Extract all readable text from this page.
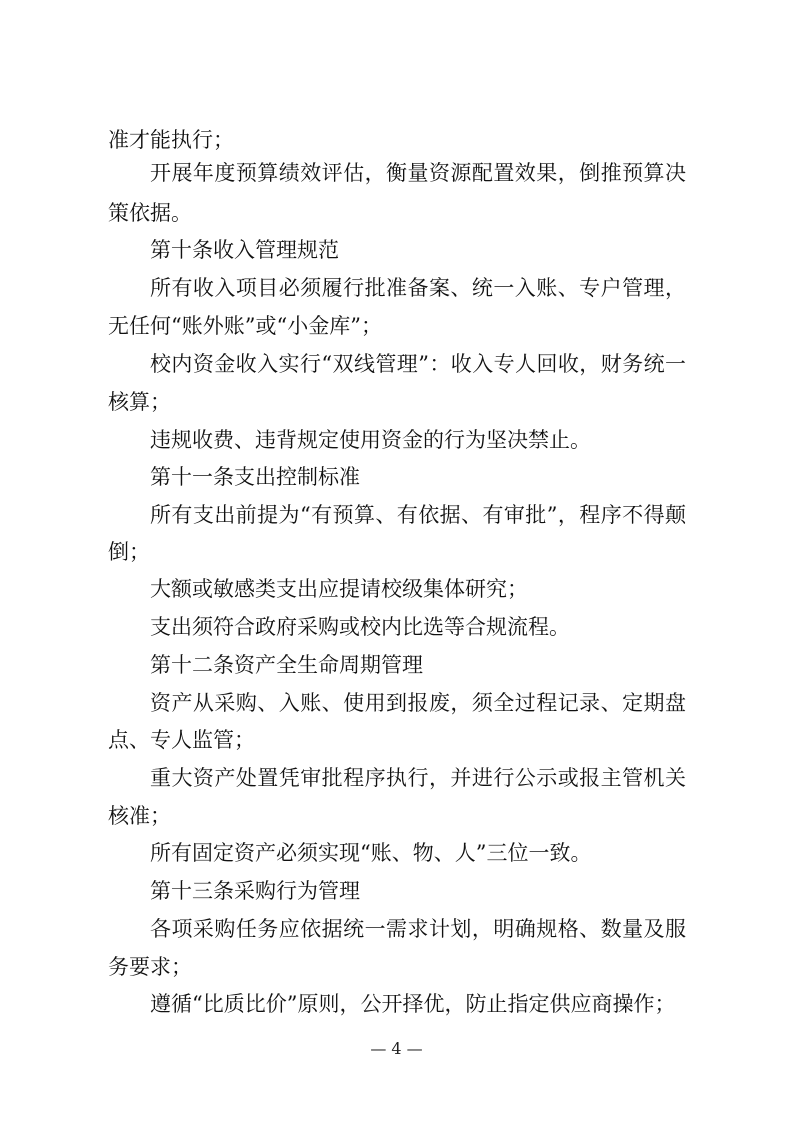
准才能执行；
开展年度预算绩效评估，衡量资源配置效果，倒推预算决
策依据。
第十条收入管理规范
所有收入项目必须履行批准备案、统一入账、专户管理，
无任何“账外账”或“小金库”；
校内资金收入实行“双线管理”：收入专人回收，财务统一
核算；
违规收费、违背规定使用资金的行为坚决禁止。
第十一条支出控制标准
所有支出前提为“有预算、有依据、有审批”，程序不得颠
倒；
大额或敏感类支出应提请校级集体研究；
支出须符合政府采购或校内比选等合规流程。
第十二条资产全生命周期管理
资产从采购、入账、使用到报废，须全过程记录、定期盘
点、专人监管；
重大资产处置凭审批程序执行，并进行公示或报主管机关
核准；
所有固定资产必须实现“账、物、人”三位一致。
第十三条采购行为管理
各项采购任务应依据统一需求计划，明确规格、数量及服
务要求；
遵循“比质比价”原则，公开择优，防止指定供应商操作；
— 4 —
